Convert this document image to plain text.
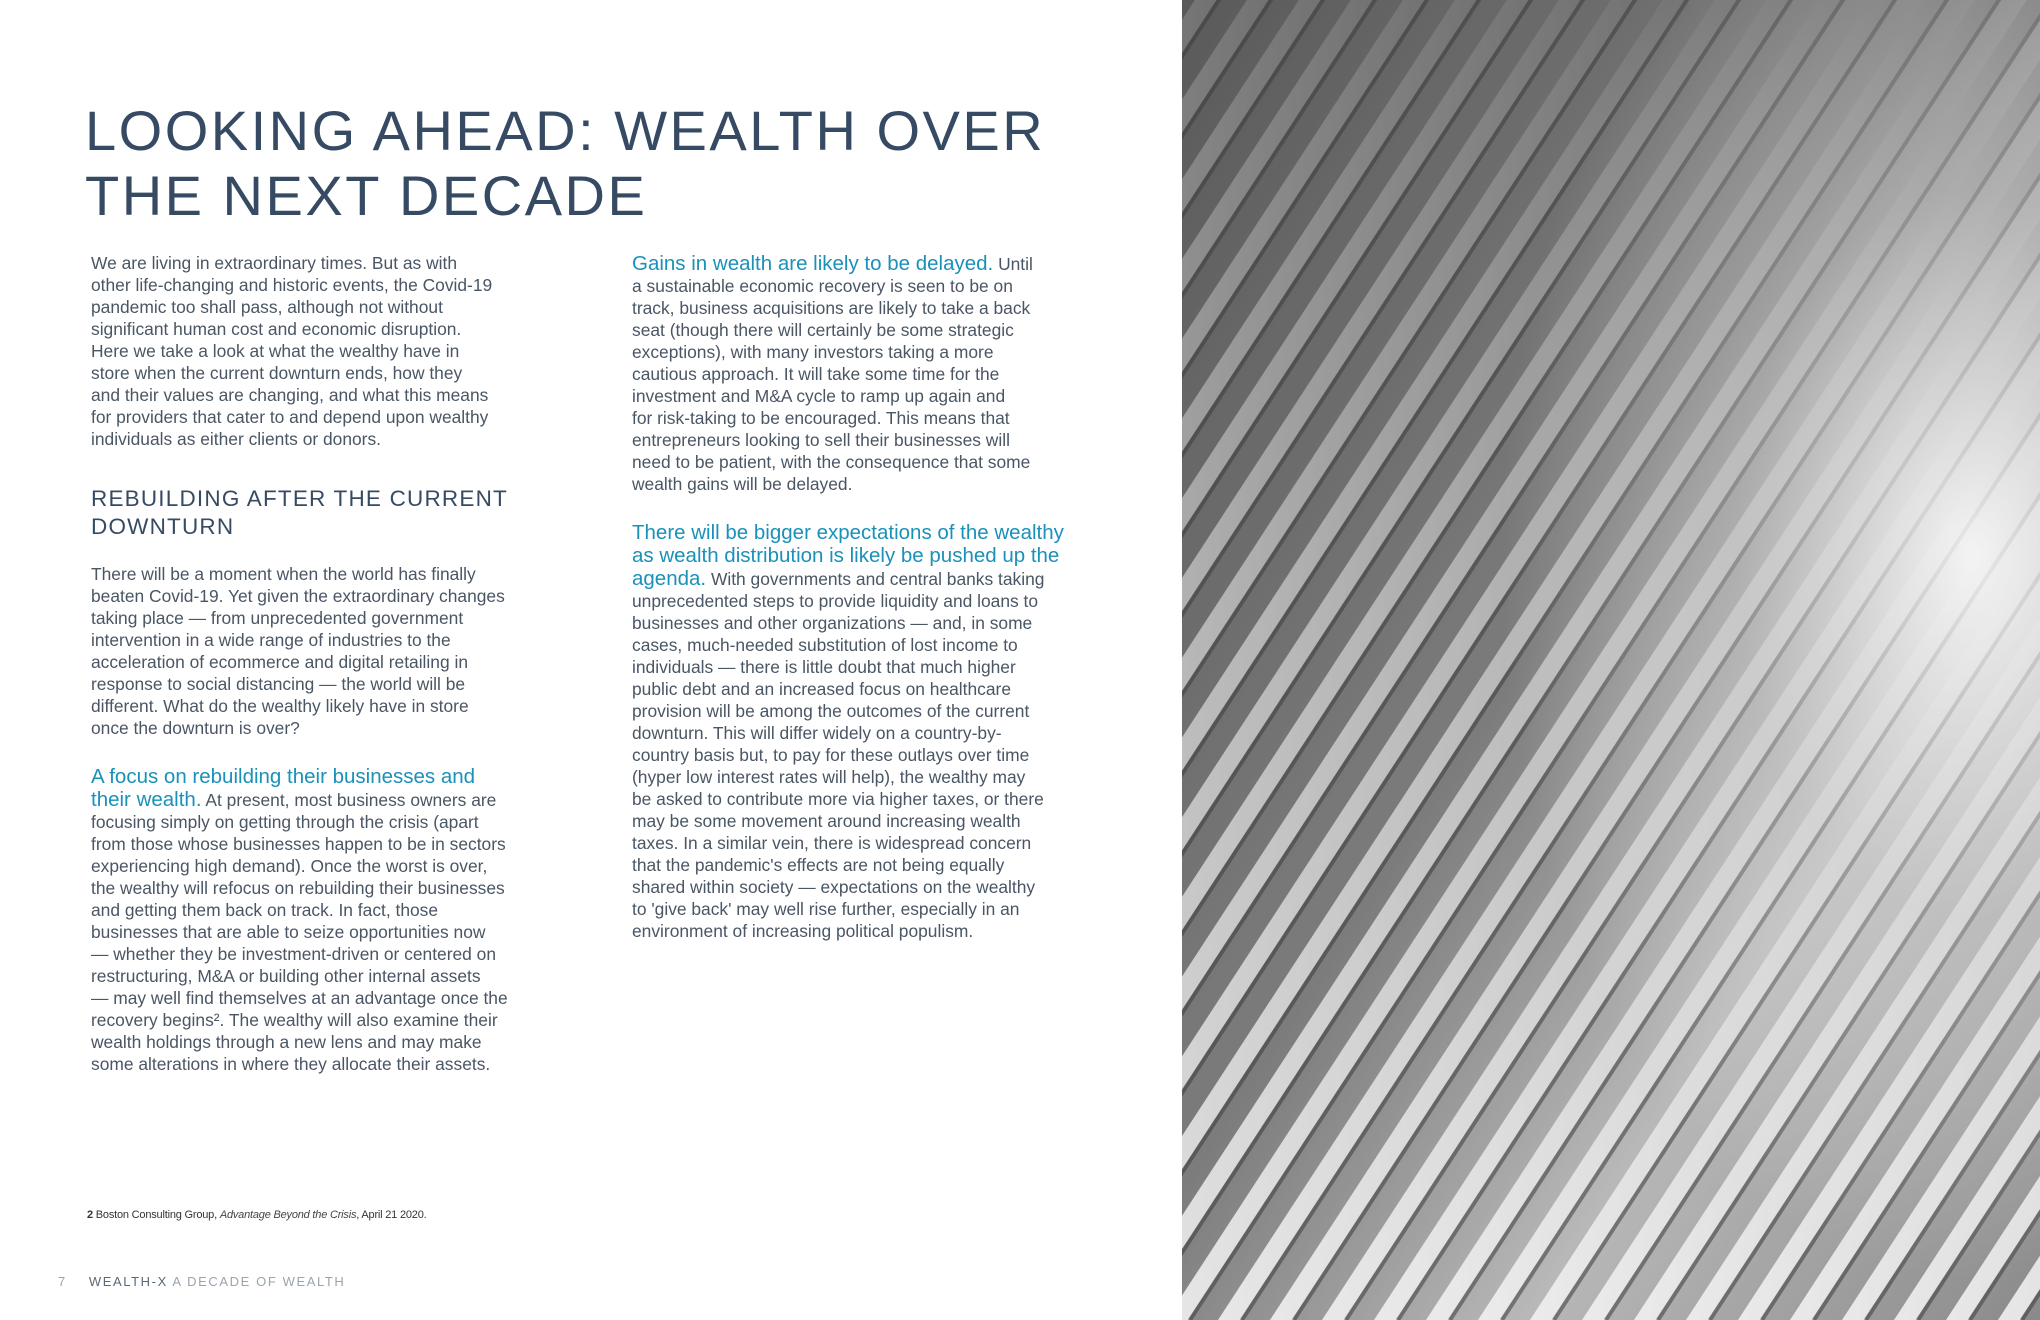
LOOKING AHEAD: WEALTH OVER
THE NEXT DECADE

We are living in extraordinary times. But as with
other life-changing and historic events, the Covid-19
pandemic too shall pass, although not without
significant human cost and economic disruption.
Here we take a look at what the wealthy have in
store when the current downturn ends, how they
and their values are changing, and what this means
for providers that cater to and depend upon wealthy
individuals as either clients or donors.

REBUILDING AFTER THE CURRENT
DOWNTURN

There will be a moment when the world has finally
beaten Covid-19. Yet given the extraordinary changes
taking place — from unprecedented government
intervention in a wide range of industries to the
acceleration of ecommerce and digital retailing in
response to social distancing — the world will be
different. What do the wealthy likely have in store
once the downturn is over?

A focus on rebuilding their businesses and
their wealth. At present, most business owners are
focusing simply on getting through the crisis (apart
from those whose businesses happen to be in sectors
experiencing high demand). Once the worst is over,
the wealthy will refocus on rebuilding their businesses
and getting them back on track. In fact, those
businesses that are able to seize opportunities now
— whether they be investment-driven or centered on
restructuring, M&A or building other internal assets
— may well find themselves at an advantage once the
recovery begins². The wealthy will also examine their
wealth holdings through a new lens and may make
some alterations in where they allocate their assets.

Gains in wealth are likely to be delayed. Until
a sustainable economic recovery is seen to be on
track, business acquisitions are likely to take a back
seat (though there will certainly be some strategic
exceptions), with many investors taking a more
cautious approach. It will take some time for the
investment and M&A cycle to ramp up again and
for risk-taking to be encouraged. This means that
entrepreneurs looking to sell their businesses will
need to be patient, with the consequence that some
wealth gains will be delayed.

There will be bigger expectations of the wealthy
as wealth distribution is likely be pushed up the
agenda. With governments and central banks taking
unprecedented steps to provide liquidity and loans to
businesses and other organizations — and, in some
cases, much-needed substitution of lost income to
individuals — there is little doubt that much higher
public debt and an increased focus on healthcare
provision will be among the outcomes of the current
downturn. This will differ widely on a country-by-
country basis but, to pay for these outlays over time
(hyper low interest rates will help), the wealthy may
be asked to contribute more via higher taxes, or there
may be some movement around increasing wealth
taxes. In a similar vein, there is widespread concern
that the pandemic's effects are not being equally
shared within society — expectations on the wealthy
to 'give back' may well rise further, especially in an
environment of increasing political populism.

2 Boston Consulting Group, Advantage Beyond the Crisis, April 21 2020.
7 WEALTH-X A DECADE OF WEALTH
